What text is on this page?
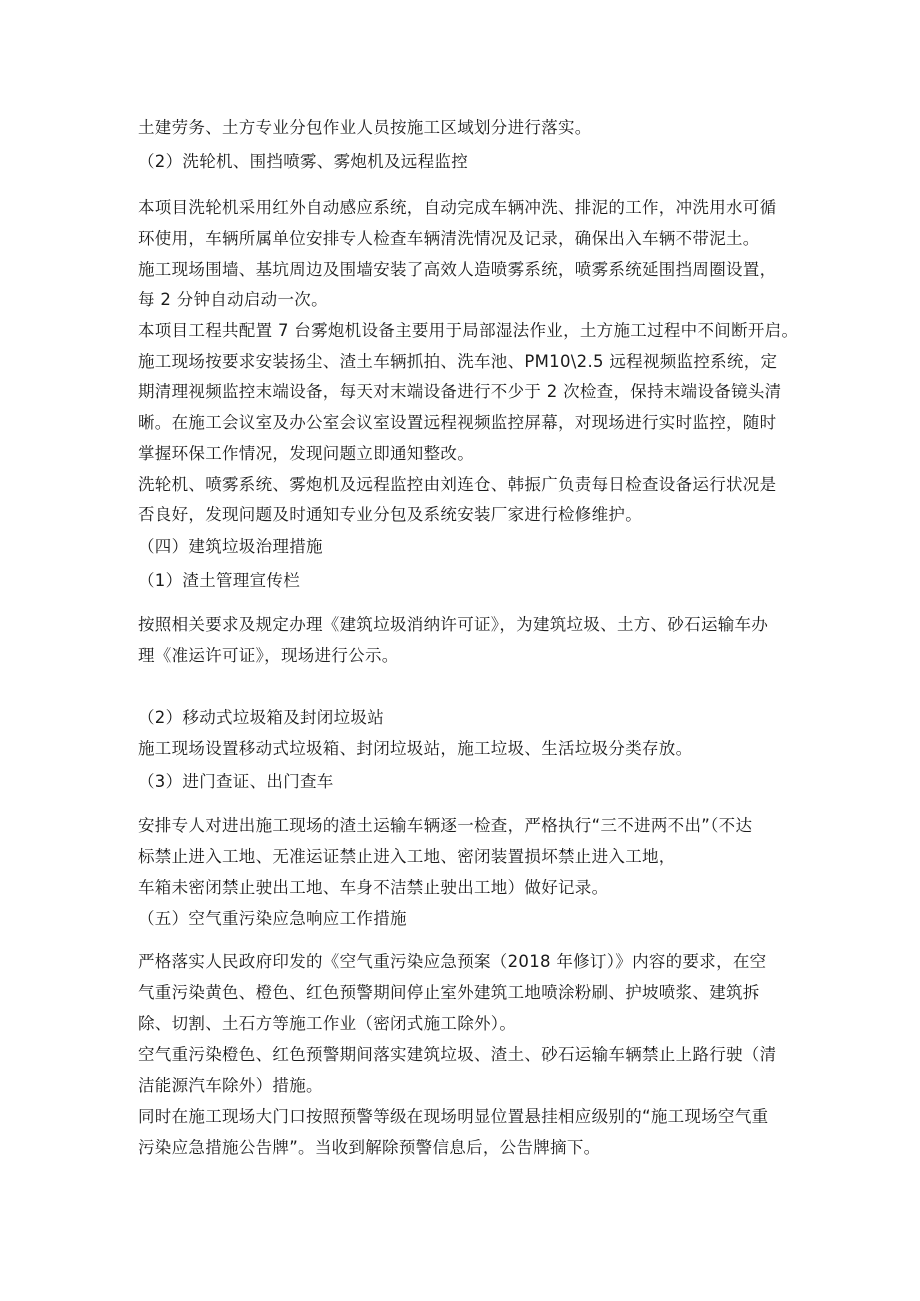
土建劳务、土方专业分包作业人员按施工区域划分进行落实。
（2）洗轮机、围挡喷雾、雾炮机及远程监控
本项目洗轮机采用红外自动感应系统，自动完成车辆冲洗、排泥的工作，冲洗用水可循
环使用，车辆所属单位安排专人检查车辆清洗情况及记录，确保出入车辆不带泥土。
施工现场围墙、基坑周边及围墙安装了高效人造喷雾系统，喷雾系统延围挡周圈设置，
每 2 分钟自动启动一次。
本项目工程共配置 7 台雾炮机设备主要用于局部湿法作业，土方施工过程中不间断开启。
施工现场按要求安装扬尘、渣土车辆抓拍、洗车池、PM10\2.5 远程视频监控系统，定
期清理视频监控末端设备，每天对末端设备进行不少于 2 次检查，保持末端设备镜头清
晰。在施工会议室及办公室会议室设置远程视频监控屏幕，对现场进行实时监控，随时
掌握环保工作情况，发现问题立即通知整改。
洗轮机、喷雾系统、雾炮机及远程监控由刘连仓、韩振广负责每日检查设备运行状况是
否良好，发现问题及时通知专业分包及系统安装厂家进行检修维护。
（四）建筑垃圾治理措施
（1）渣土管理宣传栏
按照相关要求及规定办理《建筑垃圾消纳许可证》，为建筑垃圾、土方、砂石运输车办
理《准运许可证》，现场进行公示。
（2）移动式垃圾箱及封闭垃圾站
施工现场设置移动式垃圾箱、封闭垃圾站，施工垃圾、生活垃圾分类存放。
（3）进门查证、出门查车
安排专人对进出施工现场的渣土运输车辆逐一检查，严格执行“三不进两不出”（不达
标禁止进入工地、无准运证禁止进入工地、密闭装置损坏禁止进入工地，
车箱未密闭禁止驶出工地、车身不洁禁止驶出工地）做好记录。
（五）空气重污染应急响应工作措施
严格落实人民政府印发的《空气重污染应急预案（2018 年修订）》内容的要求，在空
气重污染黄色、橙色、红色预警期间停止室外建筑工地喷涂粉刷、护坡喷浆、建筑拆
除、切割、土石方等施工作业（密闭式施工除外）。
空气重污染橙色、红色预警期间落实建筑垃圾、渣土、砂石运输车辆禁止上路行驶（清
洁能源汽车除外）措施。
同时在施工现场大门口按照预警等级在现场明显位置悬挂相应级别的“施工现场空气重
污染应急措施公告牌”。当收到解除预警信息后，公告牌摘下。
